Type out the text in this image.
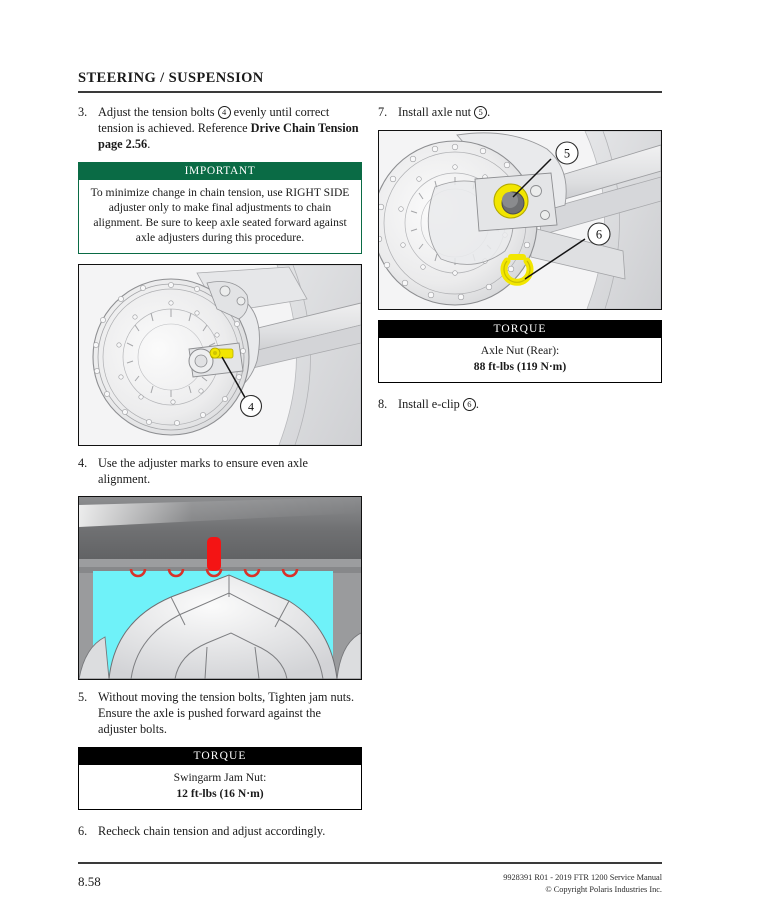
STEERING / SUSPENSION
3. Adjust the tension bolts 4 evenly until correct tension is achieved. Reference Drive Chain Tension page 2.56.
IMPORTANT
To minimize change in chain tension, use RIGHT SIDE adjuster only to make final adjustments to chain alignment. Be sure to keep axle seated forward against axle adjusters during this procedure.
4
4. Use the adjuster marks to ensure even axle alignment.
5. Without moving the tension bolts, Tighten jam nuts. Ensure the axle is pushed forward against the adjuster bolts.
TORQUE
Swingarm Jam Nut:
12 ft-lbs (16 N·m)
6. Recheck chain tension and adjust accordingly.
7. Install axle nut 5 .
5
6
TORQUE
Axle Nut (Rear):
88 ft-lbs (119 N·m)
8. Install e-clip 6 .
8.58	9928391 R01 - 2019 FTR 1200 Service Manual
© Copyright Polaris Industries Inc.
